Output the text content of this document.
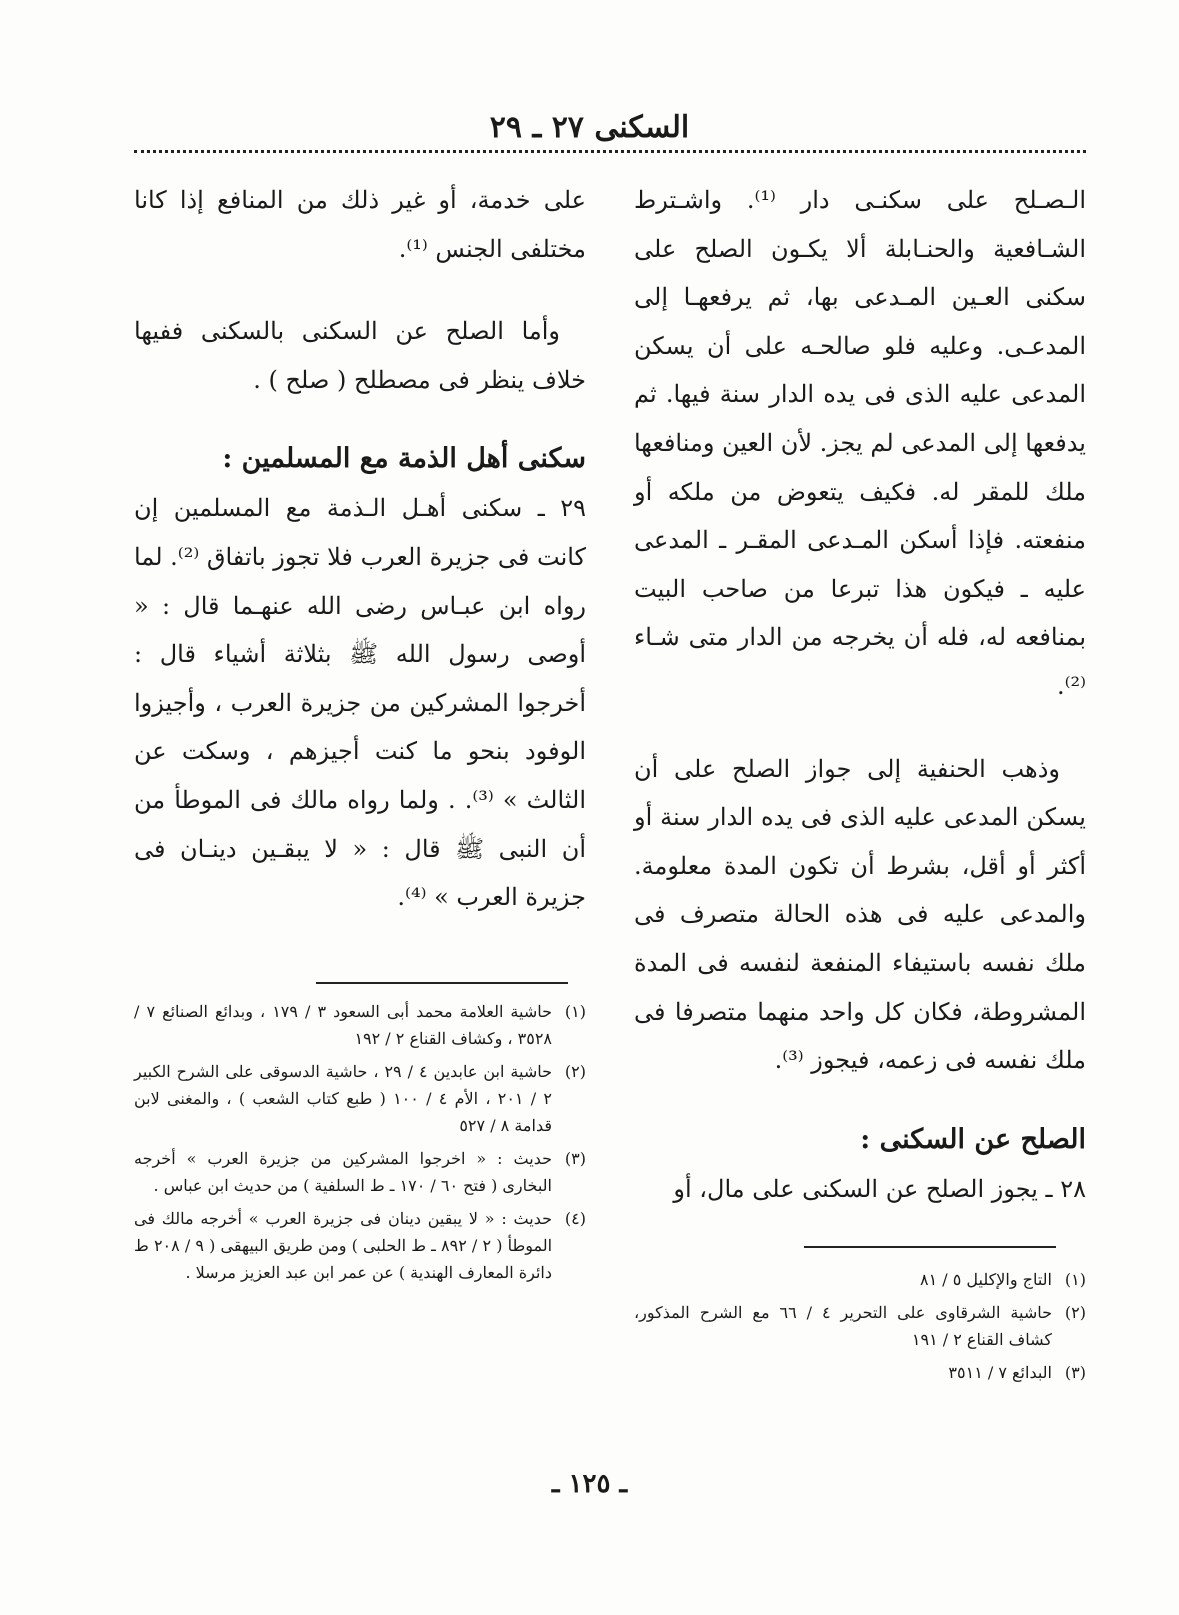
السكنى ٢٧ ـ ٢٩

الـصـلح على سكنـى دار ⁽¹⁾. واشـترط الشـافعية والحنـابلة ألا يكـون الصلح على سكنى العـين المـدعى بها، ثم يرفعهـا إلى المدعـى. وعليه فلو صالحـه على أن يسكن المدعى عليه الذى فى يده الدار سنة فيها. ثم يدفعها إلى المدعى لم يجز. لأن العين ومنافعها ملك للمقر له. فكيف يتعوض من ملكه أو منفعته. فإذا أسكن المـدعى المقـر ـ المدعى عليه ـ فيكون هذا تبرعا من صاحب البيت بمنافعه له، فله أن يخرجه من الدار متى شـاء ⁽²⁾.

وذهب الحنفية إلى جواز الصلح على أن يسكن المدعى عليه الذى فى يده الدار سنة أو أكثر أو أقل، بشرط أن تكون المدة معلومة. والمدعى عليه فى هذه الحالة متصرف فى ملك نفسه باستيفاء المنفعة لنفسه فى المدة المشروطة، فكان كل واحد منهما متصرفا فى ملك نفسه فى زعمه، فيجوز ⁽³⁾.

الصلح عن السكنى :

٢٨ ـ يجوز الصلح عن السكنى على مال، أو

(١)
التاج والإكليل ٥ / ٨١
(٢)
حاشية الشرقاوى على التحرير ٤ / ٦٦ مع الشرح المذكور، كشاف القناع ٢ / ١٩١
(٣)
البدائع ٧ / ٣٥١١

على خدمة، أو غير ذلك من المنافع إذا كانا مختلفى الجنس ⁽¹⁾.

وأما الصلح عن السكنى بالسكنى ففيها خلاف ينظر فى مصطلح ( صلح ) .

سكنى أهل الذمة مع المسلمين :

٢٩ ـ سكنى أهـل الـذمة مع المسلمين إن كانت فى جزيرة العرب فلا تجوز باتفاق ⁽²⁾. لما رواه ابن عبـاس رضى الله عنهـما قال : « أوصى رسول الله ﷺ بثلاثة أشياء قال : أخرجوا المشركين من جزيرة العرب ، وأجيزوا الوفود بنحو ما كنت أجيزهم ، وسكت عن الثالث » ⁽³⁾. . ولما رواه مالك فى الموطأ من أن النبى ﷺ قال : « لا يبقـين دينـان فى جزيرة العرب » ⁽⁴⁾.

(١)
حاشية العلامة محمد أبى السعود ٣ / ١٧٩ ، وبدائع الصنائع ٧ / ٣٥٢٨ ، وكشاف القناع ٢ / ١٩٢
(٢)
حاشية ابن عابدين ٤ / ٢٩ ، حاشية الدسوقى على الشرح الكبير ٢ / ٢٠١ ، الأم ٤ / ١٠٠ ( طبع كتاب الشعب ) ، والمغنى لابن قدامة ٨ / ٥٢٧
(٣)
حديث : « اخرجوا المشركين من جزيرة العرب » أخرجه البخارى ( فتح ٦٠ / ١٧٠ ـ ط السلفية ) من حديث ابن عباس .
(٤)
حديث : « لا يبقين دينان فى جزيرة العرب » أخرجه مالك فى الموطأ ( ٢ / ٨٩٢ ـ ط الحلبى ) ومن طريق البيهقى ( ٩ / ٢٠٨ ط دائرة المعارف الهندية ) عن عمر ابن عبد العزيز مرسلا .
ـ ١٢٥ ـ
